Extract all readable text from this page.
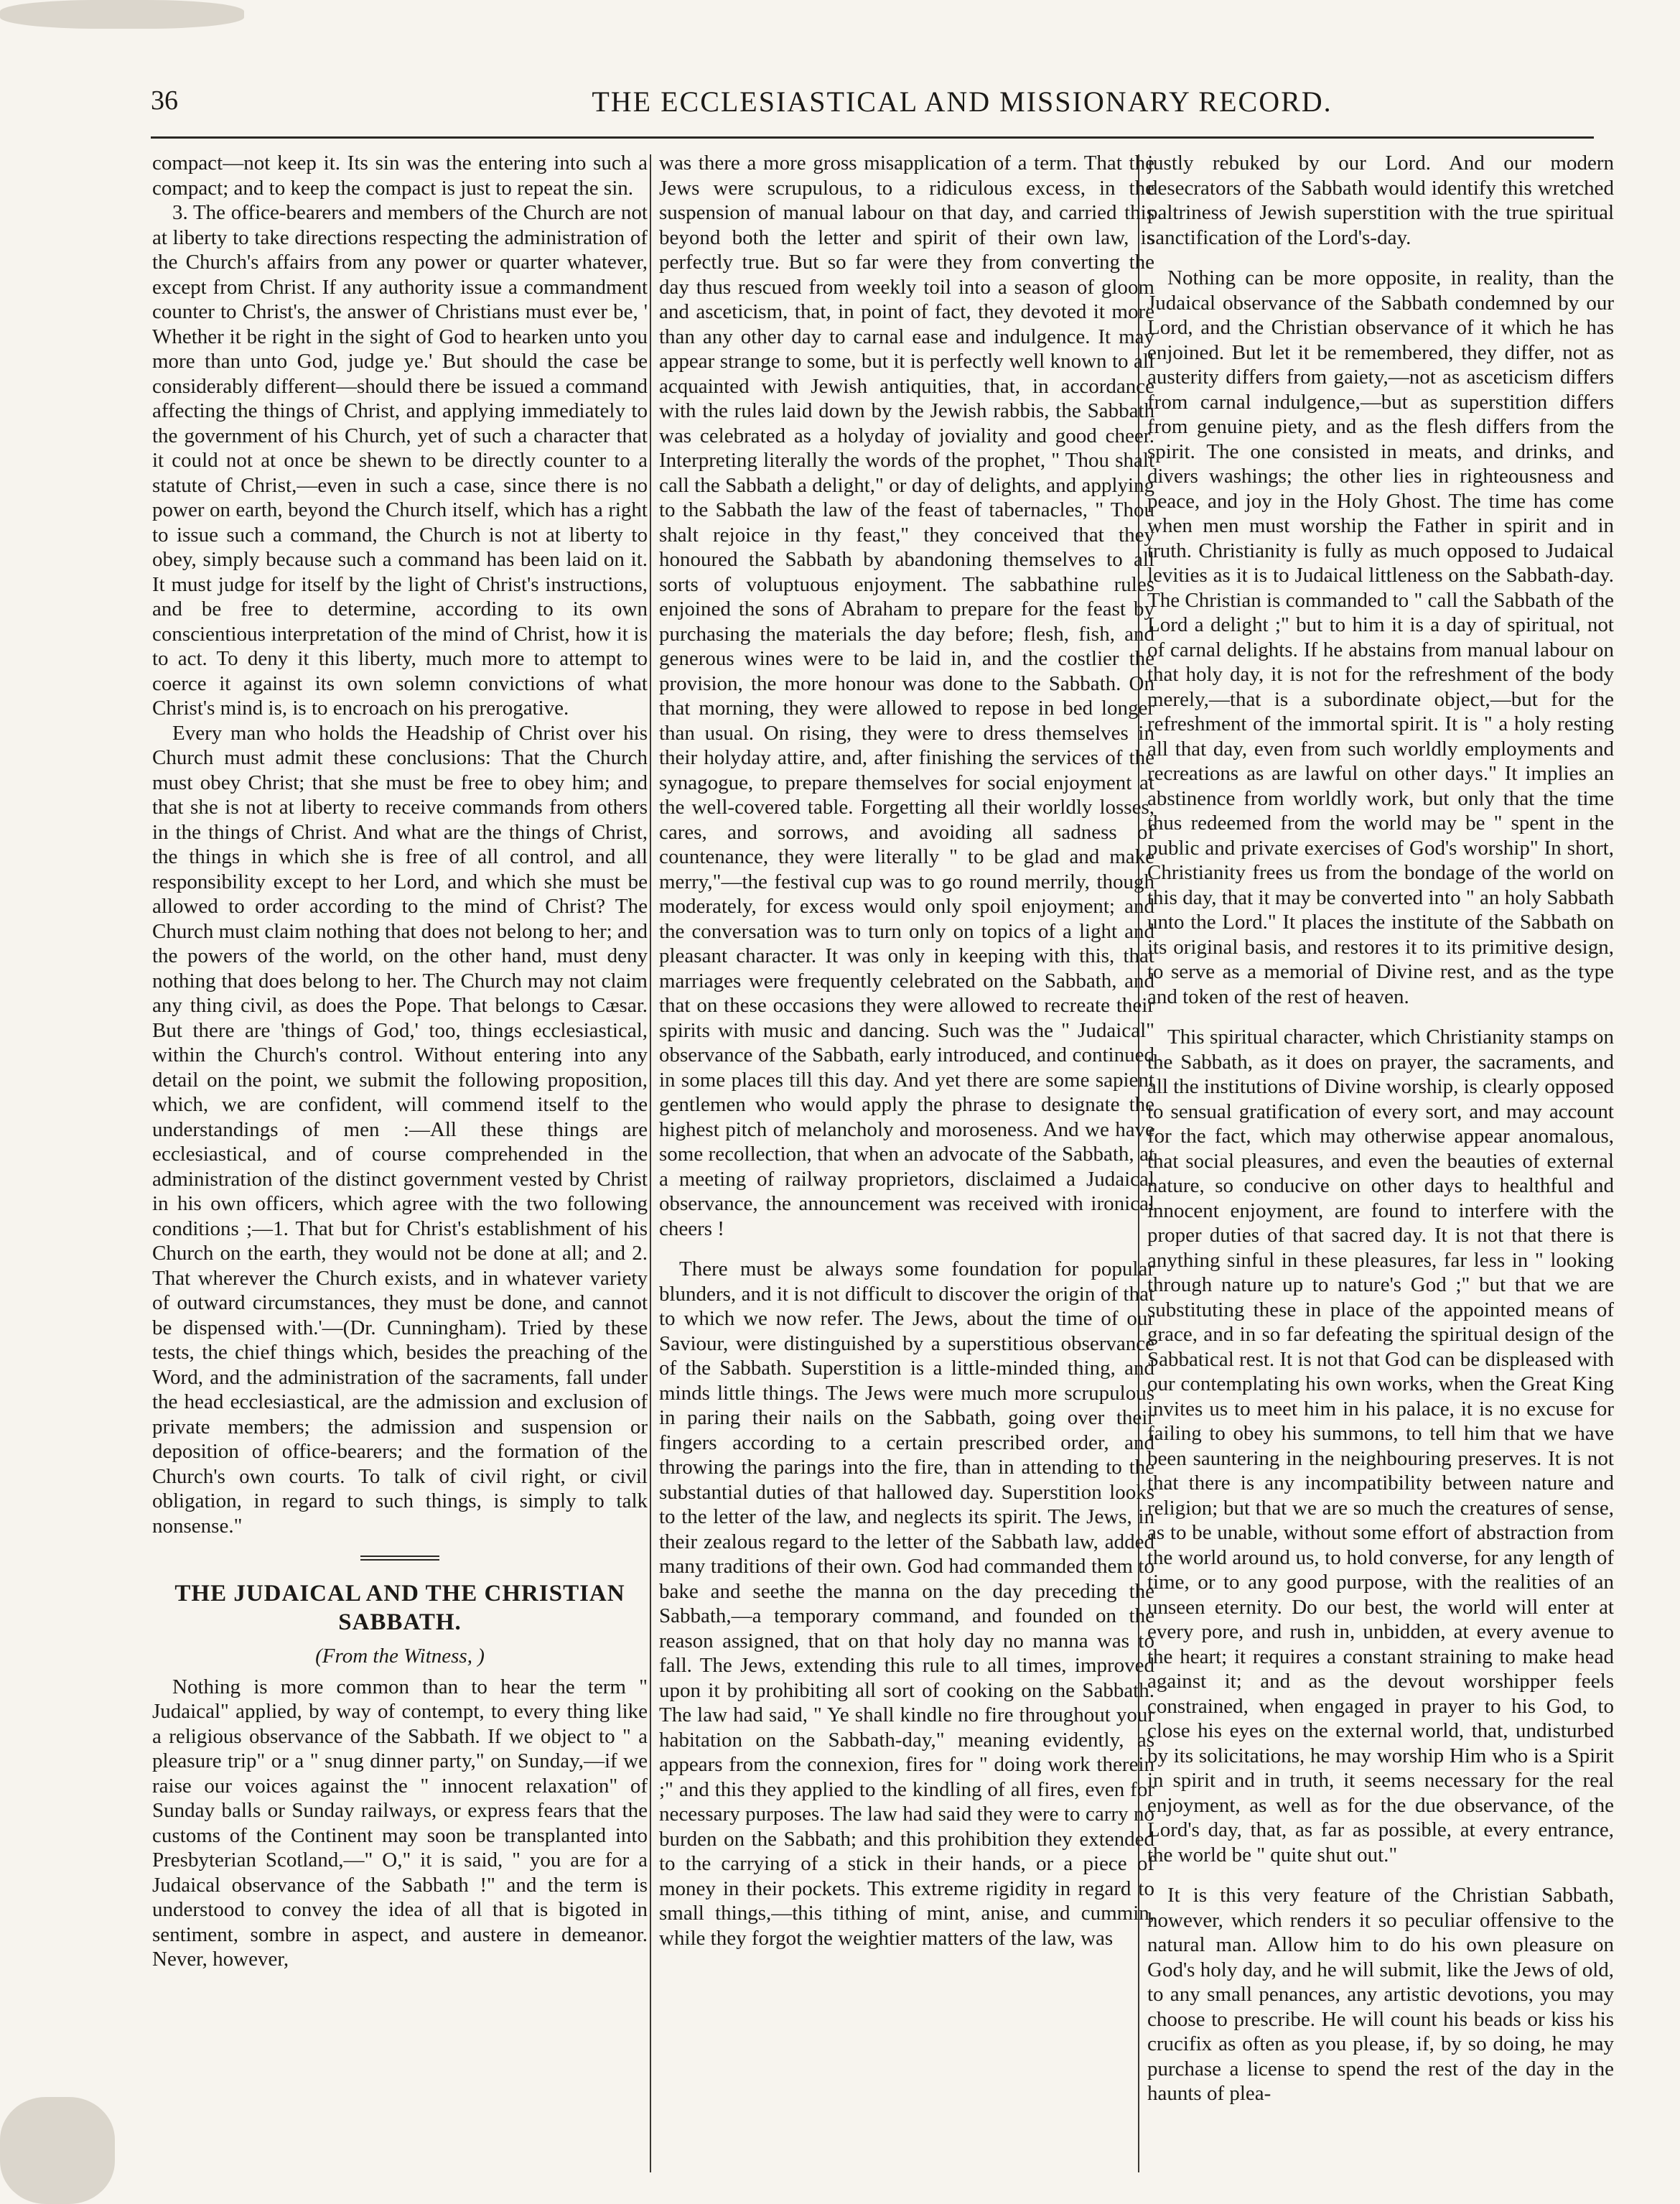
36	THE ECCLESIASTICAL AND MISSIONARY RECORD.

compact—not keep it. Its sin was the entering into such a compact; and to keep the compact is just to repeat the sin.

3. The office-bearers and members of the Church are not at liberty to take directions respecting the administration of the Church's affairs from any power or quarter whatever, except from Christ. If any authority issue a commandment counter to Christ's, the answer of Christians must ever be, ' Whether it be right in the sight of God to hearken unto you more than unto God, judge ye.' But should the case be considerably different—should there be issued a command affecting the things of Christ, and applying immediately to the government of his Church, yet of such a character that it could not at once be shewn to be directly counter to a statute of Christ,—even in such a case, since there is no power on earth, beyond the Church itself, which has a right to issue such a command, the Church is not at liberty to obey, simply because such a command has been laid on it. It must judge for itself by the light of Christ's instructions, and be free to determine, according to its own conscientious interpretation of the mind of Christ, how it is to act. To deny it this liberty, much more to attempt to coerce it against its own solemn convictions of what Christ's mind is, is to encroach on his prerogative.

Every man who holds the Headship of Christ over his Church must admit these conclusions: That the Church must obey Christ; that she must be free to obey him; and that she is not at liberty to receive commands from others in the things of Christ. And what are the things of Christ, the things in which she is free of all control, and all responsibility except to her Lord, and which she must be allowed to order according to the mind of Christ? The Church must claim nothing that does not belong to her; and the powers of the world, on the other hand, must deny nothing that does belong to her. The Church may not claim any thing civil, as does the Pope. That belongs to Cæsar. But there are 'things of God,' too, things ecclesiastical, within the Church's control. Without entering into any detail on the point, we submit the following proposition, which, we are confident, will commend itself to the understandings of men :—All these things are ecclesiastical, and of course comprehended in the administration of the distinct government vested by Christ in his own officers, which agree with the two following conditions ;—1. That but for Christ's establishment of his Church on the earth, they would not be done at all; and 2. That wherever the Church exists, and in whatever variety of outward circumstances, they must be done, and cannot be dispensed with.'—(Dr. Cunningham). Tried by these tests, the chief things which, besides the preaching of the Word, and the administration of the sacraments, fall under the head ecclesiastical, are the admission and exclusion of private members; the admission and suspension or deposition of office-bearers; and the formation of the Church's own courts. To talk of civil right, or civil obligation, in regard to such things, is simply to talk nonsense."

THE JUDAICAL AND THE CHRISTIAN SABBATH.
(From the Witness, )

Nothing is more common than to hear the term " Judaical" applied, by way of contempt, to every thing like a religious observance of the Sabbath. If we object to " a pleasure trip" or a " snug dinner party," on Sunday,—if we raise our voices against the " innocent relaxation" of Sunday balls or Sunday railways, or express fears that the customs of the Continent may soon be transplanted into Presbyterian Scotland,—" O," it is said, " you are for a Judaical observance of the Sabbath !" and the term is understood to convey the idea of all that is bigoted in sentiment, sombre in aspect, and austere in demeanor. Never, however,

was there a more gross misapplication of a term. That the Jews were scrupulous, to a ridiculous excess, in the suspension of manual labour on that day, and carried this beyond both the letter and spirit of their own law, is perfectly true. But so far were they from converting the day thus rescued from weekly toil into a season of gloom and asceticism, that, in point of fact, they devoted it more than any other day to carnal ease and indulgence. It may appear strange to some, but it is perfectly well known to all acquainted with Jewish antiquities, that, in accordance with the rules laid down by the Jewish rabbis, the Sabbath was celebrated as a holyday of joviality and good cheer. Interpreting literally the words of the prophet, " Thou shalt call the Sabbath a delight," or day of delights, and applying to the Sabbath the law of the feast of tabernacles, " Thou shalt rejoice in thy feast," they conceived that they honoured the Sabbath by abandoning themselves to all sorts of voluptuous enjoyment. The sabbathine rules enjoined the sons of Abraham to prepare for the feast by purchasing the materials the day before; flesh, fish, and generous wines were to be laid in, and the costlier the provision, the more honour was done to the Sabbath. On that morning, they were allowed to repose in bed longer than usual. On rising, they were to dress themselves in their holyday attire, and, after finishing the services of the synagogue, to prepare themselves for social enjoyment at the well-covered table. Forgetting all their worldly losses, cares, and sorrows, and avoiding all sadness of countenance, they were literally " to be glad and make merry,"—the festival cup was to go round merrily, though moderately, for excess would only spoil enjoyment; and the conversation was to turn only on topics of a light and pleasant character. It was only in keeping with this, that marriages were frequently celebrated on the Sabbath, and that on these occasions they were allowed to recreate their spirits with music and dancing. Such was the " Judaical" observance of the Sabbath, early introduced, and continued in some places till this day. And yet there are some sapient gentlemen who would apply the phrase to designate the highest pitch of melancholy and moroseness. And we have some recollection, that when an advocate of the Sabbath, at a meeting of railway proprietors, disclaimed a Judaical observance, the announcement was received with ironical cheers !

There must be always some foundation for popular blunders, and it is not difficult to discover the origin of that to which we now refer. The Jews, about the time of our Saviour, were distinguished by a superstitious observance of the Sabbath. Superstition is a little-minded thing, and minds little things. The Jews were much more scrupulous in paring their nails on the Sabbath, going over their fingers according to a certain prescribed order, and throwing the parings into the fire, than in attending to the substantial duties of that hallowed day. Superstition looks to the letter of the law, and neglects its spirit. The Jews, in their zealous regard to the letter of the Sabbath law, added many traditions of their own. God had commanded them to bake and seethe the manna on the day preceding the Sabbath,—a temporary command, and founded on the reason assigned, that on that holy day no manna was to fall. The Jews, extending this rule to all times, improved upon it by prohibiting all sort of cooking on the Sabbath. The law had said, " Ye shall kindle no fire throughout your habitation on the Sabbath-day," meaning evidently, as appears from the connexion, fires for " doing work therein ;" and this they applied to the kindling of all fires, even for necessary purposes. The law had said they were to carry no burden on the Sabbath; and this prohibition they extended to the carrying of a stick in their hands, or a piece of money in their pockets. This extreme rigidity in regard to small things,—this tithing of mint, anise, and cummin, while they forgot the weightier matters of the law, was

justly rebuked by our Lord. And our modern desecrators of the Sabbath would identify this wretched paltriness of Jewish superstition with the true spiritual sanctification of the Lord's-day.

Nothing can be more opposite, in reality, than the Judaical observance of the Sabbath condemned by our Lord, and the Christian observance of it which he has enjoined. But let it be remembered, they differ, not as austerity differs from gaiety,—not as asceticism differs from carnal indulgence,—but as superstition differs from genuine piety, and as the flesh differs from the spirit. The one consisted in meats, and drinks, and divers washings; the other lies in righteousness and peace, and joy in the Holy Ghost. The time has come when men must worship the Father in spirit and in truth. Christianity is fully as much opposed to Judaical levities as it is to Judaical littleness on the Sabbath-day. The Christian is commanded to " call the Sabbath of the Lord a delight ;" but to him it is a day of spiritual, not of carnal delights. If he abstains from manual labour on that holy day, it is not for the refreshment of the body merely,—that is a subordinate object,—but for the refreshment of the immortal spirit. It is " a holy resting all that day, even from such worldly employments and recreations as are lawful on other days." It implies an abstinence from worldly work, but only that the time thus redeemed from the world may be " spent in the public and private exercises of God's worship" In short, Christianity frees us from the bondage of the world on this day, that it may be converted into " an holy Sabbath unto the Lord." It places the institute of the Sabbath on its original basis, and restores it to its primitive design, to serve as a memorial of Divine rest, and as the type and token of the rest of heaven.

This spiritual character, which Christianity stamps on the Sabbath, as it does on prayer, the sacraments, and all the institutions of Divine worship, is clearly opposed to sensual gratification of every sort, and may account for the fact, which may otherwise appear anomalous, that social pleasures, and even the beauties of external nature, so conducive on other days to healthful and innocent enjoyment, are found to interfere with the proper duties of that sacred day. It is not that there is anything sinful in these pleasures, far less in " looking through nature up to nature's God ;" but that we are substituting these in place of the appointed means of grace, and in so far defeating the spiritual design of the Sabbatical rest. It is not that God can be displeased with our contemplating his own works, when the Great King invites us to meet him in his palace, it is no excuse for failing to obey his summons, to tell him that we have been sauntering in the neighbouring preserves. It is not that there is any incompatibility between nature and religion; but that we are so much the creatures of sense, as to be unable, without some effort of abstraction from the world around us, to hold converse, for any length of time, or to any good purpose, with the realities of an unseen eternity. Do our best, the world will enter at every pore, and rush in, unbidden, at every avenue to the heart; it requires a constant straining to make head against it; and as the devout worshipper feels constrained, when engaged in prayer to his God, to close his eyes on the external world, that, undisturbed by its solicitations, he may worship Him who is a Spirit in spirit and in truth, it seems necessary for the real enjoyment, as well as for the due observance, of the Lord's day, that, as far as possible, at every entrance, the world be " quite shut out."

It is this very feature of the Christian Sabbath, however, which renders it so peculiar offensive to the natural man. Allow him to do his own pleasure on God's holy day, and he will submit, like the Jews of old, to any small penances, any artistic devotions, you may choose to prescribe. He will count his beads or kiss his crucifix as often as you please, if, by so doing, he may purchase a license to spend the rest of the day in the haunts of plea-
